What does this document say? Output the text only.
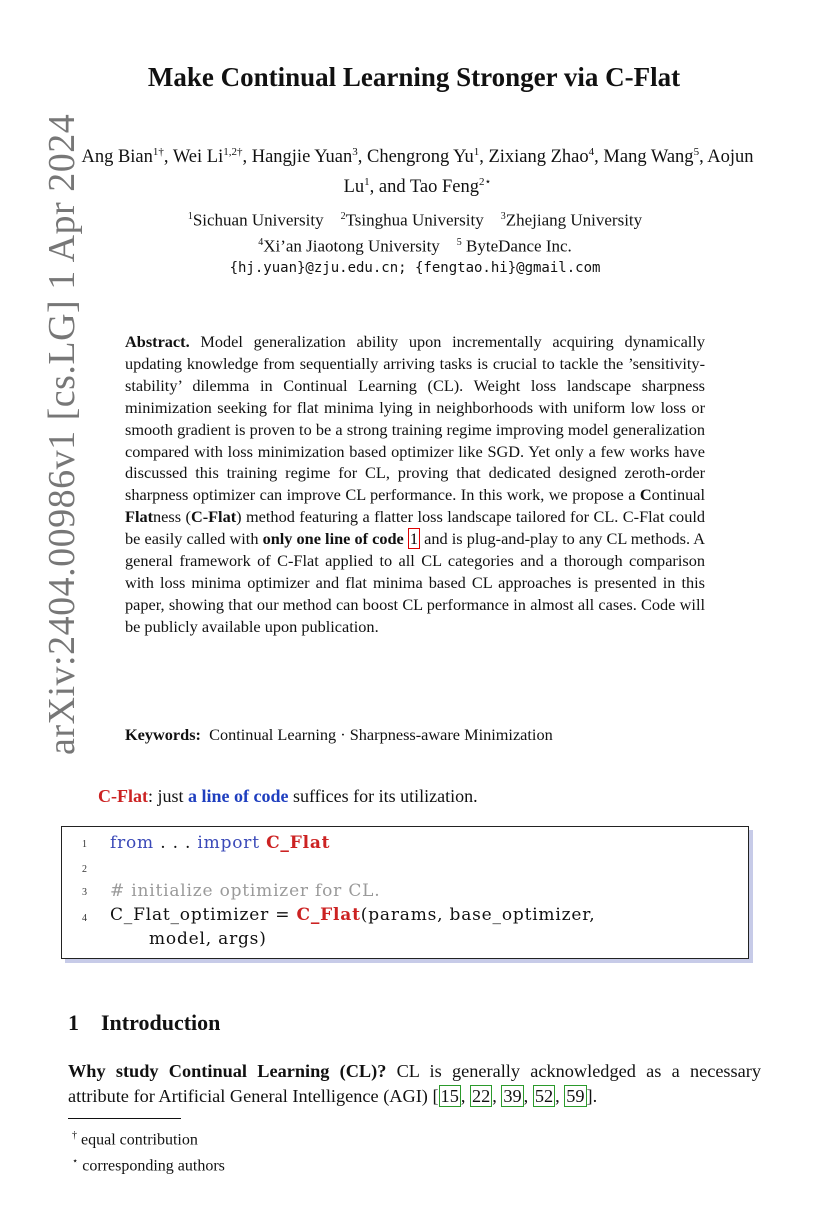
arXiv:2404.00986v1 [cs.LG] 1 Apr 2024
Make Continual Learning Stronger via C-Flat
Ang Bian$^{1\dagger}$, Wei $Li^{1,2\dagger}$, Hangjie Yuan$^3$, Chengrong Yu$^1$, Zixiang Zhao$^4$, Mang Wang$^5$, Aojun Lu$^1$, and Tao Feng$^{2⋆}$
$^1$Sichuan University $^2$Tsinghua University $^3$Zhejiang University
$^4$Xi’an Jiaotong University $^5$ ByteDance Inc.
{hj.yuan}@zju.edu.cn; {fengtao.hi}@gmail.com
Abstract. Model generalization ability upon incrementally acquiring dynamically updating knowledge from sequentially arriving tasks is crucial to tackle the ’sensitivity-stability’ dilemma in Continual Learning (CL). Weight loss landscape sharpness minimization seeking for flat minima lying in neighborhoods with uniform low loss or smooth gradient is proven to be a strong training regime improving model generalization compared with loss minimization based optimizer like SGD. Yet only a few works have discussed this training regime for CL, proving that dedicated designed zeroth-order sharpness optimizer can improve CL performance. In this work, we propose a Continual Flatness (C-Flat) method featuring a flatter loss landscape tailored for CL. C-Flat could be easily called with only one line of code 1 and is plug-and-play to any CL methods. A general framework of C-Flat applied to all CL categories and a thorough comparison with loss minima optimizer and flat minima based CL approaches is presented in this paper, showing that our method can boost CL performance in almost all cases. Code will be publicly available upon publication.
Keywords: Continual Learning · Sharpness-aware Minimization
C-Flat: just a line of code suffices for its utilization.
1 from . . . import C_Flat
2
3 # initialize optimizer for CL.
4 C_Flat_optimizer = C_Flat(params, base_optimizer,
model, args)
1 Introduction
Why study Continual Learning (CL)? CL is generally acknowledged as a necessary attribute for Artificial General Intelligence (AGI) [ 15 , 22 , 39 , 52 , 59 ].
† equal contribution
⋆ corresponding authors
